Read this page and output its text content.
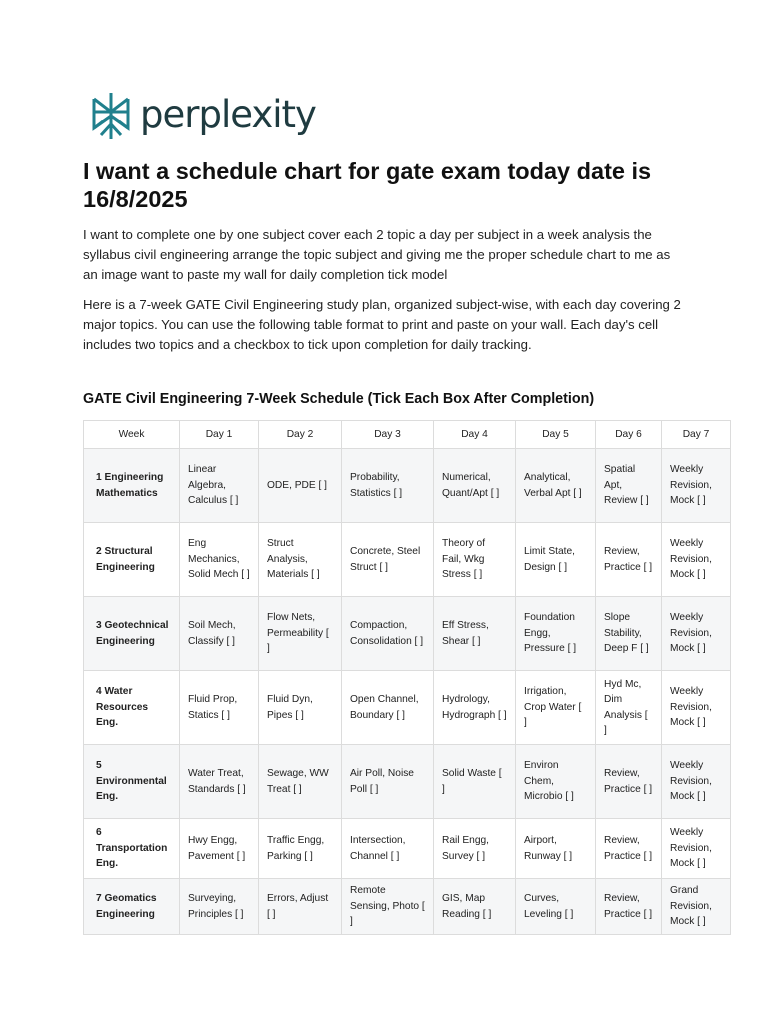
perplexity
I want a schedule chart for gate exam today date is 16/8/2025

I want to complete one by one subject cover each 2 topic a day per subject in a week analysis the syllabus civil engineering arrange the topic subject and giving me the proper schedule chart to me as an image want to paste my wall for daily completion tick model

Here is a 7-week GATE Civil Engineering study plan, organized subject-wise, with each day covering 2 major topics. You can use the following table format to print and paste on your wall. Each day's cell includes two topics and a checkbox to tick upon completion for daily tracking.

GATE Civil Engineering 7-Week Schedule (Tick Each Box After Completion)
Week	Day 1	Day 2	Day 3	Day 4	Day 5	Day 6	Day 7
1 Engineering Mathematics	Linear Algebra, Calculus [ ]	ODE, PDE [ ]	Probability, Statistics [ ]	Numerical, Quant/Apt [ ]	Analytical, Verbal Apt [ ]	Spatial Apt, Review [ ]	Weekly Revision, Mock [ ]
2 Structural Engineering	Eng Mechanics, Solid Mech [ ]	Struct Analysis, Materials [ ]	Concrete, Steel Struct [ ]	Theory of Fail, Wkg Stress [ ]	Limit State, Design [ ]	Review, Practice [ ]	Weekly Revision, Mock [ ]
3 Geotechnical Engineering	Soil Mech, Classify [ ]	Flow Nets, Permeability [ ]	Compaction, Consolidation [ ]	Eff Stress, Shear [ ]	Foundation Engg, Pressure [ ]	Slope Stability, Deep F [ ]	Weekly Revision, Mock [ ]
4 Water Resources Eng.	Fluid Prop, Statics [ ]	Fluid Dyn, Pipes [ ]	Open Channel, Boundary [ ]	Hydrology, Hydrograph [ ]	Irrigation, Crop Water [ ]	Hyd Mc, Dim Analysis [ ]	Weekly Revision, Mock [ ]
5 Environmental Eng.	Water Treat, Standards [ ]	Sewage, WW Treat [ ]	Air Poll, Noise Poll [ ]	Solid Waste [ ]	Environ Chem, Microbio [ ]	Review, Practice [ ]	Weekly Revision, Mock [ ]
6 Transportation Eng.	Hwy Engg, Pavement [ ]	Traffic Engg, Parking [ ]	Intersection, Channel [ ]	Rail Engg, Survey [ ]	Airport, Runway [ ]	Review, Practice [ ]	Weekly Revision, Mock [ ]
7 Geomatics Engineering	Surveying, Principles [ ]	Errors, Adjust [ ]	Remote Sensing, Photo [ ]	GIS, Map Reading [ ]	Curves, Leveling [ ]	Review, Practice [ ]	Grand Revision, Mock [ ]
